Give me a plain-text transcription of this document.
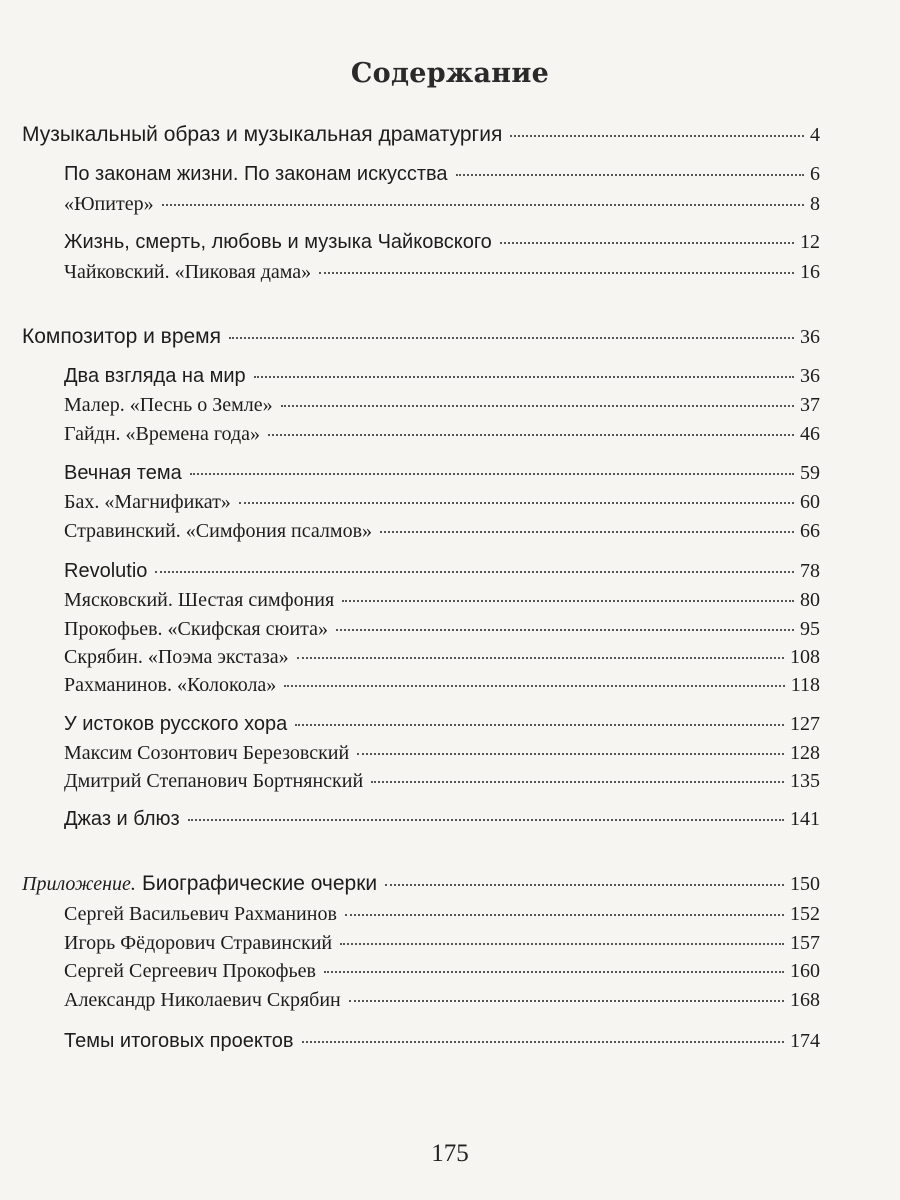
Содержание
Музыкальный образ и музыкальная драматургия	4
По законам жизни. По законам искусства	6
«Юпитер»	8
Жизнь, смерть, любовь и музыка Чайковского	12
Чайковский. «Пиковая дама»	16
Композитор и время	36
Два взгляда на мир	36
Малер. «Песнь о Земле»	37
Гайдн. «Времена года»	46
Вечная тема	59
Бах. «Магнификат»	60
Стравинский. «Симфония псалмов»	66
Revolutio	78
Мясковский. Шестая симфония	80
Прокофьев. «Скифская сюита»	95
Скрябин. «Поэма экстаза»	108
Рахманинов. «Колокола»	118
У истоков русского хора	127
Максим Созонтович Березовский	128
Дмитрий Степанович Бортнянский	135
Джаз и блюз	141
Приложение. Биографические очерки	150
Сергей Васильевич Рахманинов	152
Игорь Фёдорович Стравинский	157
Сергей Сергеевич Прокофьев	160
Александр Николаевич Скрябин	168
Темы итоговых проектов	174
175
